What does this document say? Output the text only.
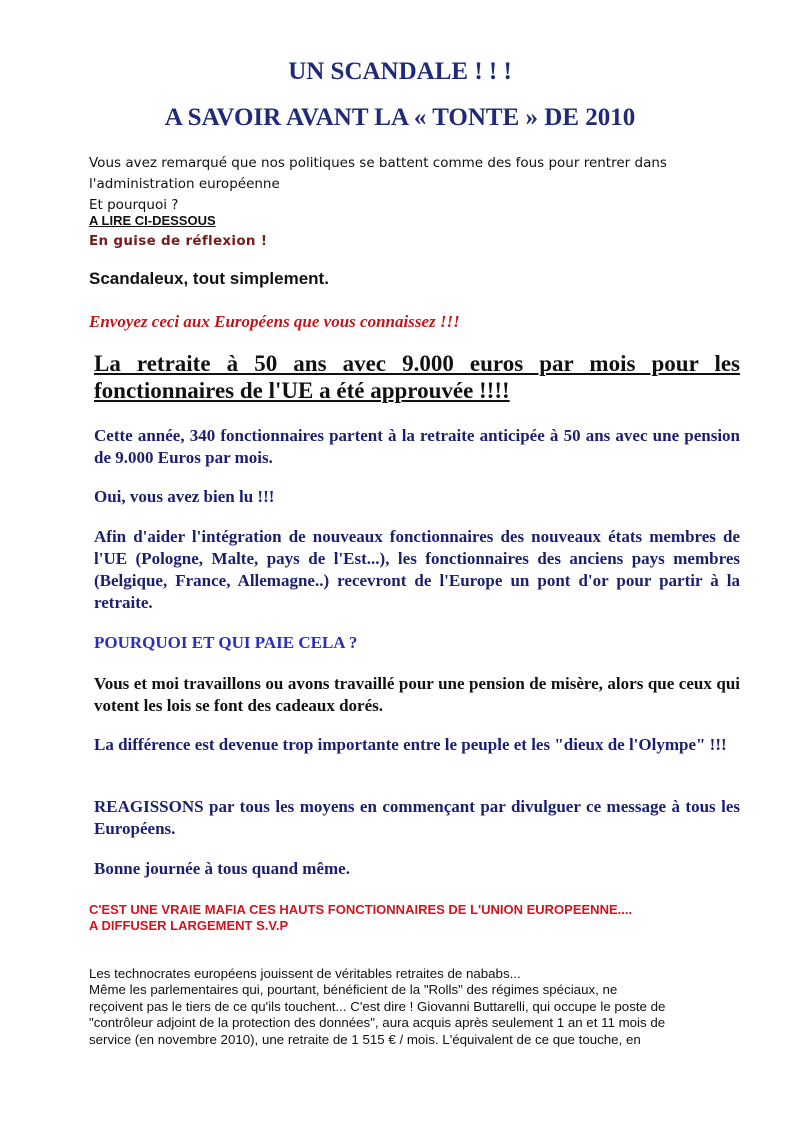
UN SCANDALE ! ! !
A SAVOIR AVANT LA « TONTE » DE 2010
Vous avez remarqué que nos politiques se battent comme des fous pour rentrer dans
l'administration européenne
Et pourquoi ?
A LIRE CI-DESSOUS
En guise de réflexion !
Scandaleux, tout simplement.
Envoyez ceci aux Européens que vous connaissez !!!
La retraite à 50 ans avec 9.000 euros par mois pour les fonctionnaires de l'UE a été approuvée !!!!
Cette année, 340 fonctionnaires partent à la retraite anticipée à 50 ans avec une pension de 9.000 Euros par mois.
Oui, vous avez bien lu !!!
Afin d'aider l'intégration de nouveaux fonctionnaires des nouveaux états membres de l'UE (Pologne, Malte, pays de l'Est...), les fonctionnaires des anciens pays membres (Belgique, France, Allemagne..) recevront de l'Europe un pont d'or pour partir à la retraite.
POURQUOI ET QUI PAIE CELA ?
Vous et moi travaillons ou avons travaillé pour une pension de misère, alors que ceux qui votent les lois se font des cadeaux dorés.
La différence est devenue trop importante entre le peuple et les "dieux de l'Olympe" !!!
REAGISSONS par tous les moyens en commençant par divulguer ce message à tous les Européens.
Bonne journée à tous quand même.
C'EST UNE VRAIE MAFIA CES HAUTS FONCTIONNAIRES DE L'UNION EUROPEENNE....
A DIFFUSER LARGEMENT S.V.P
Les technocrates européens jouissent de véritables retraites de nababs...
Même les parlementaires qui, pourtant, bénéficient de la "Rolls" des régimes spéciaux, ne
reçoivent pas le tiers de ce qu'ils touchent... C'est dire ! Giovanni Buttarelli, qui occupe le poste de
"contrôleur adjoint de la protection des données", aura acquis après seulement 1 an et 11 mois de
service (en novembre 2010), une retraite de 1 515 € / mois. L'équivalent de ce que touche, en
